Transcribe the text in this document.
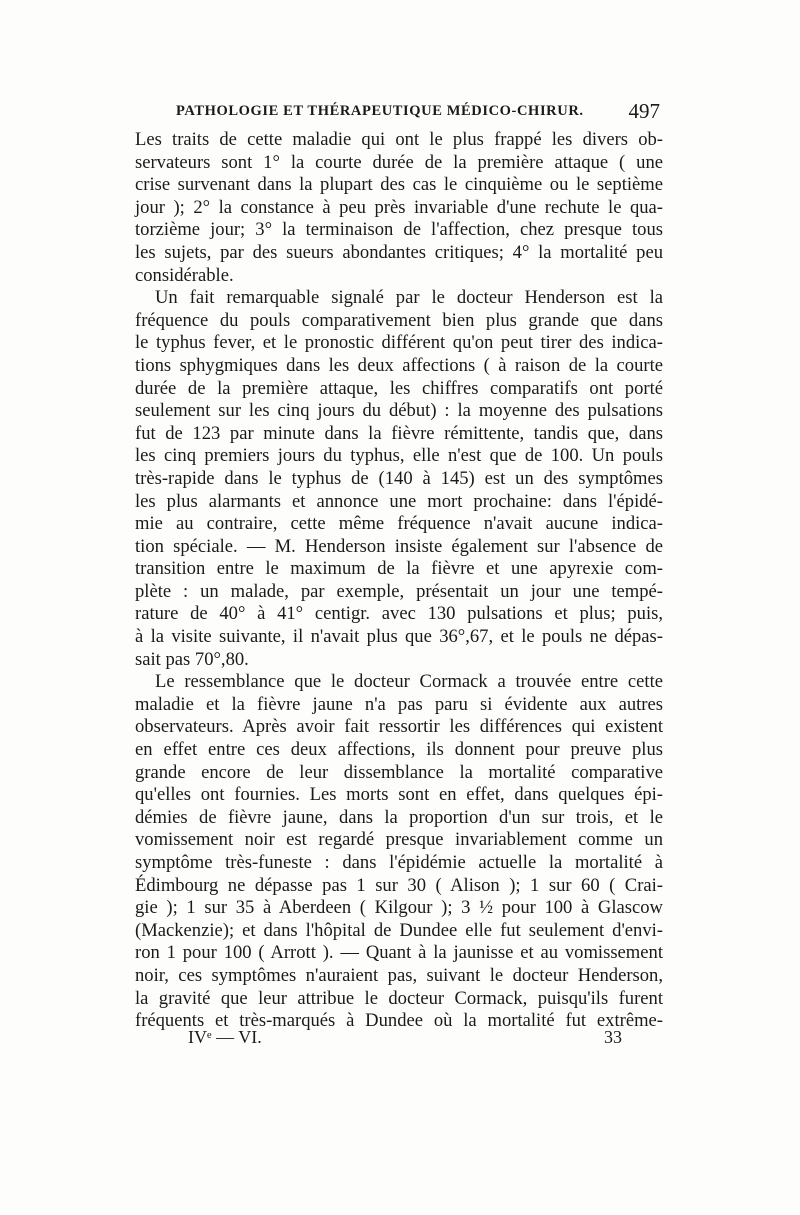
PATHOLOGIE ET THÉRAPEUTIQUE MÉDICO-CHIRUR. 497
Les traits de cette maladie qui ont le plus frappé les divers ob-
servateurs sont 1° la courte durée de la première attaque ( une
crise survenant dans la plupart des cas le cinquième ou le septième
jour ); 2° la constance à peu près invariable d'une rechute le qua-
torzième jour; 3° la terminaison de l'affection, chez presque tous
les sujets, par des sueurs abondantes critiques; 4° la mortalité peu
considérable.
Un fait remarquable signalé par le docteur Henderson est la
fréquence du pouls comparativement bien plus grande que dans
le typhus fever, et le pronostic différent qu'on peut tirer des indica-
tions sphygmiques dans les deux affections ( à raison de la courte
durée de la première attaque, les chiffres comparatifs ont porté
seulement sur les cinq jours du début) : la moyenne des pulsations
fut de 123 par minute dans la fièvre rémittente, tandis que, dans
les cinq premiers jours du typhus, elle n'est que de 100. Un pouls
très-rapide dans le typhus de (140 à 145) est un des symptômes
les plus alarmants et annonce une mort prochaine: dans l'épidé-
mie au contraire, cette même fréquence n'avait aucune indica-
tion spéciale. — M. Henderson insiste également sur l'absence de
transition entre le maximum de la fièvre et une apyrexie com-
plète : un malade, par exemple, présentait un jour une tempé-
rature de 40° à 41° centigr. avec 130 pulsations et plus; puis,
à la visite suivante, il n'avait plus que 36°,67, et le pouls ne dépas-
sait pas 70°,80.
Le ressemblance que le docteur Cormack a trouvée entre cette
maladie et la fièvre jaune n'a pas paru si évidente aux autres
observateurs. Après avoir fait ressortir les différences qui existent
en effet entre ces deux affections, ils donnent pour preuve plus
grande encore de leur dissemblance la mortalité comparative
qu'elles ont fournies. Les morts sont en effet, dans quelques épi-
démies de fièvre jaune, dans la proportion d'un sur trois, et le
vomissement noir est regardé presque invariablement comme un
symptôme très-funeste : dans l'épidémie actuelle la mortalité à
Édimbourg ne dépasse pas 1 sur 30 ( Alison ); 1 sur 60 ( Crai-
gie ); 1 sur 35 à Aberdeen ( Kilgour ); 3 ½ pour 100 à Glascow
(Mackenzie); et dans l'hôpital de Dundee elle fut seulement d'envi-
ron 1 pour 100 ( Arrott ). — Quant à la jaunisse et au vomissement
noir, ces symptômes n'auraient pas, suivant le docteur Henderson,
la gravité que leur attribue le docteur Cormack, puisqu'ils furent
fréquents et très-marqués à Dundee où la mortalité fut extrême-
IVᵉ — VI.	33
